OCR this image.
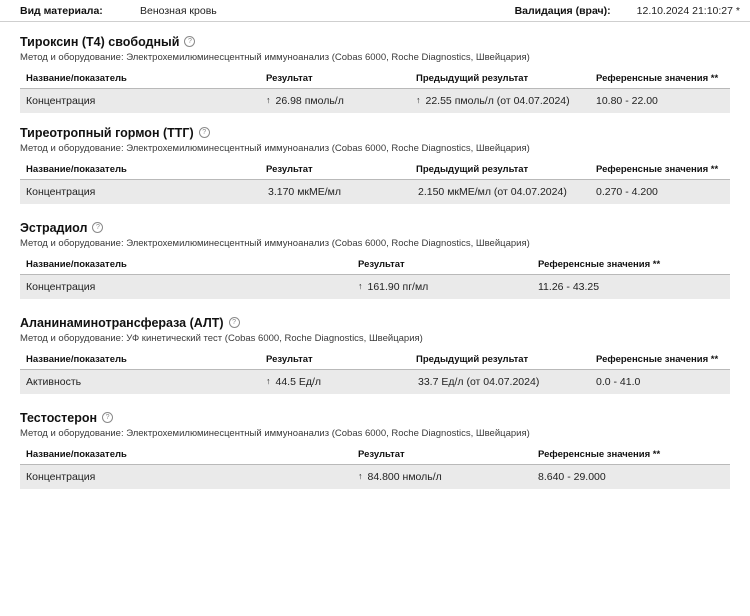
Вид материала:	Венозная кровь	Валидация (врач): 12.10.2024 21:10:27 *
Тироксин (Т4) свободный	?
Метод и оборудование: Электрохемилюминесцентный иммуноанализ (Cobas 6000, Roche Diagnostics, Швейцария)
Название/показатель	Результат	Предыдущий результат	Референсные значения **
Концентрация	↑ 26.98 пмоль/л	↑ 22.55 пмоль/л (от 04.07.2024)	10.80 - 22.00
Тиреотропный гормон (ТТГ)	?
Метод и оборудование: Электрохемилюминесцентный иммуноанализ (Cobas 6000, Roche Diagnostics, Швейцария)
Название/показатель	Результат	Предыдущий результат	Референсные значения **
Концентрация	3.170 мкМЕ/мл	2.150 мкМЕ/мл (от 04.07.2024)	0.270 - 4.200
Эстрадиол	?
Метод и оборудование: Электрохемилюминесцентный иммуноанализ (Cobas 6000, Roche Diagnostics, Швейцария)
Название/показатель	Результат	Референсные значения **
Концентрация	↑ 161.90 пг/мл	11.26 - 43.25
Аланинаминотрансфераза (АЛТ)	?
Метод и оборудование: УФ кинетический тест (Cobas 6000, Roche Diagnostics, Швейцария)
Название/показатель	Результат	Предыдущий результат	Референсные значения **
Активность	↑ 44.5 Ед/л	33.7 Ед/л (от 04.07.2024)	0.0 - 41.0
Тестостерон	?
Метод и оборудование: Электрохемилюминесцентный иммуноанализ (Cobas 6000, Roche Diagnostics, Швейцария)
Название/показатель	Результат	Референсные значения **
Концентрация	↑ 84.800 нмоль/л	8.640 - 29.000
